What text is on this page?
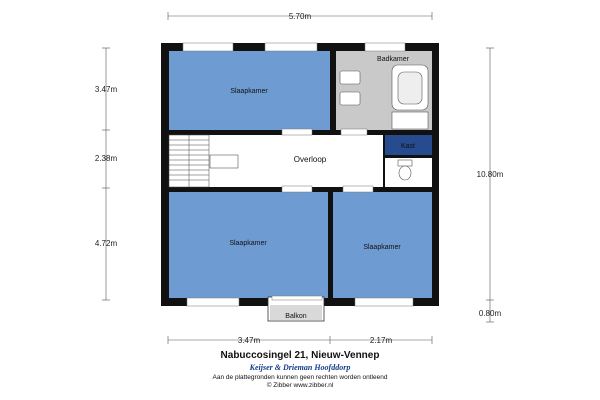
5.70m
3.47m
2.38m
4.72m
10.80m
0.80m
3.47m	2.17m
Slaapkamer
Badkamer
Overloop
Kast
Slaapkamer
Slaapkamer
Balkon
Nabuccosingel 21, Nieuw-Vennep
Keijser & Drieman Hoofddorp
Aan de plattegronden kunnen geen rechten worden ontleend
© Zibber www.zibber.nl
